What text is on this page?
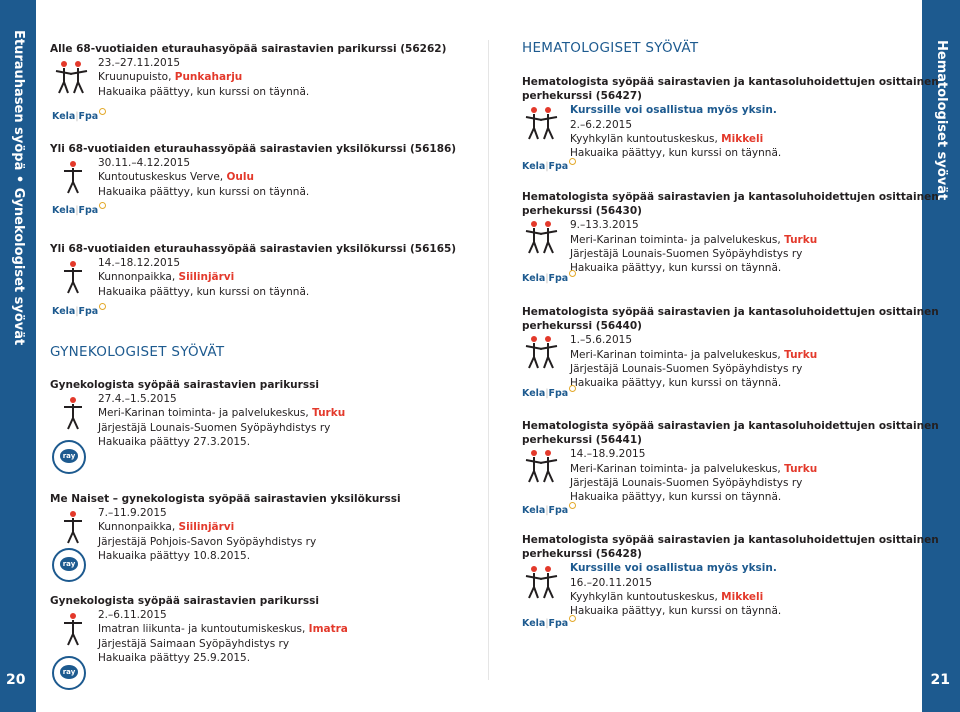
Eturauhasen syöpä • Gynekologiset syövät
20
Hematologiset syövät
21
Alle 68-vuotiaiden eturauhasyöpää sairastavien parikurssi (56262)
23.–27.11.2015
Kruunupuisto, Punkaharju
Hakuaika päättyy, kun kurssi on täynnä.
Kela|Fpa
Yli 68-vuotiaiden eturauhassyöpää sairastavien yksilökurssi (56186)
30.11.–4.12.2015
Kuntoutuskeskus Verve, Oulu
Hakuaika päättyy, kun kurssi on täynnä.
Kela|Fpa
Yli 68-vuotiaiden eturauhassyöpää sairastavien yksilökurssi (56165)
14.–18.12.2015
Kunnonpaikka, Siilinjärvi
Hakuaika päättyy, kun kurssi on täynnä.
Kela|Fpa
GYNEKOLOGISET SYÖVÄT
Gynekologista syöpää sairastavien parikurssi
27.4.–1.5.2015
Meri-Karinan toiminta- ja palvelukeskus, Turku
Järjestäjä Lounais-Suomen Syöpäyhdistys ry
Hakuaika päättyy 27.3.2015.
ray
Me Naiset – gynekologista syöpää sairastavien yksilökurssi
7.–11.9.2015
Kunnonpaikka, Siilinjärvi
Järjestäjä Pohjois-Savon Syöpäyhdistys ry
Hakuaika päättyy 10.8.2015.
ray
Gynekologista syöpää sairastavien parikurssi
2.–6.11.2015
Imatran liikunta- ja kuntoutumiskeskus, Imatra
Järjestäjä Saimaan Syöpäyhdistys ry
Hakuaika päättyy 25.9.2015.
ray
HEMATOLOGISET SYÖVÄT
Hematologista syöpää sairastavien ja kantasoluhoidettujen osittainen
perhekurssi (56427)
Kurssille voi osallistua myös yksin.
2.–6.2.2015
Kyyhkylän kuntoutuskeskus, Mikkeli
Hakuaika päättyy, kun kurssi on täynnä.
Kela|Fpa
Hematologista syöpää sairastavien ja kantasoluhoidettujen osittainen
perhekurssi (56430)
9.–13.3.2015
Meri-Karinan toiminta- ja palvelukeskus, Turku
Järjestäjä Lounais-Suomen Syöpäyhdistys ry
Hakuaika päättyy, kun kurssi on täynnä.
Kela|Fpa
Hematologista syöpää sairastavien ja kantasoluhoidettujen osittainen
perhekurssi (56440)
1.–5.6.2015
Meri-Karinan toiminta- ja palvelukeskus, Turku
Järjestäjä Lounais-Suomen Syöpäyhdistys ry
Hakuaika päättyy, kun kurssi on täynnä.
Kela|Fpa
Hematologista syöpää sairastavien ja kantasoluhoidettujen osittainen
perhekurssi (56441)
14.–18.9.2015
Meri-Karinan toiminta- ja palvelukeskus, Turku
Järjestäjä Lounais-Suomen Syöpäyhdistys ry
Hakuaika päättyy, kun kurssi on täynnä.
Kela|Fpa
Hematologista syöpää sairastavien ja kantasoluhoidettujen osittainen
perhekurssi (56428)
Kurssille voi osallistua myös yksin.
16.–20.11.2015
Kyyhkylän kuntoutuskeskus, Mikkeli
Hakuaika päättyy, kun kurssi on täynnä.
Kela|Fpa
